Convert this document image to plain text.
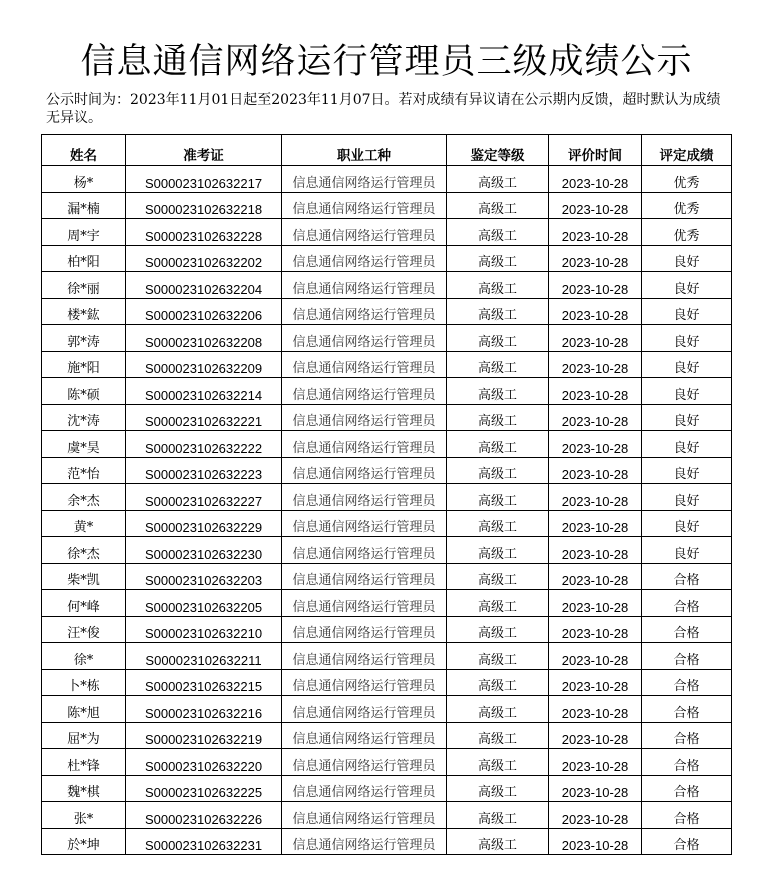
信息通信网络运行管理员三级成绩公示

公示时间为：2023年11月01日起至2023年11月07日。若对成绩有异议请在公示期内反馈，超时默认为成绩无异议。

姓名	准考证	职业工种	鉴定等级	评价时间	评定成绩
杨*	S000023102632217	信息通信网络运行管理员	高级工	2023-10-28	优秀
漏*楠	S000023102632218	信息通信网络运行管理员	高级工	2023-10-28	优秀
周*宇	S000023102632228	信息通信网络运行管理员	高级工	2023-10-28	优秀
柏*阳	S000023102632202	信息通信网络运行管理员	高级工	2023-10-28	良好
徐*丽	S000023102632204	信息通信网络运行管理员	高级工	2023-10-28	良好
楼*鈜	S000023102632206	信息通信网络运行管理员	高级工	2023-10-28	良好
郭*涛	S000023102632208	信息通信网络运行管理员	高级工	2023-10-28	良好
施*阳	S000023102632209	信息通信网络运行管理员	高级工	2023-10-28	良好
陈*硕	S000023102632214	信息通信网络运行管理员	高级工	2023-10-28	良好
沈*涛	S000023102632221	信息通信网络运行管理员	高级工	2023-10-28	良好
虞*昊	S000023102632222	信息通信网络运行管理员	高级工	2023-10-28	良好
范*怡	S000023102632223	信息通信网络运行管理员	高级工	2023-10-28	良好
余*杰	S000023102632227	信息通信网络运行管理员	高级工	2023-10-28	良好
黄*	S000023102632229	信息通信网络运行管理员	高级工	2023-10-28	良好
徐*杰	S000023102632230	信息通信网络运行管理员	高级工	2023-10-28	良好
柴*凯	S000023102632203	信息通信网络运行管理员	高级工	2023-10-28	合格
何*峰	S000023102632205	信息通信网络运行管理员	高级工	2023-10-28	合格
汪*俊	S000023102632210	信息通信网络运行管理员	高级工	2023-10-28	合格
徐*	S000023102632211	信息通信网络运行管理员	高级工	2023-10-28	合格
卜*栋	S000023102632215	信息通信网络运行管理员	高级工	2023-10-28	合格
陈*旭	S000023102632216	信息通信网络运行管理员	高级工	2023-10-28	合格
屈*为	S000023102632219	信息通信网络运行管理员	高级工	2023-10-28	合格
杜*锋	S000023102632220	信息通信网络运行管理员	高级工	2023-10-28	合格
魏*棋	S000023102632225	信息通信网络运行管理员	高级工	2023-10-28	合格
张*	S000023102632226	信息通信网络运行管理员	高级工	2023-10-28	合格
於*坤	S000023102632231	信息通信网络运行管理员	高级工	2023-10-28	合格
